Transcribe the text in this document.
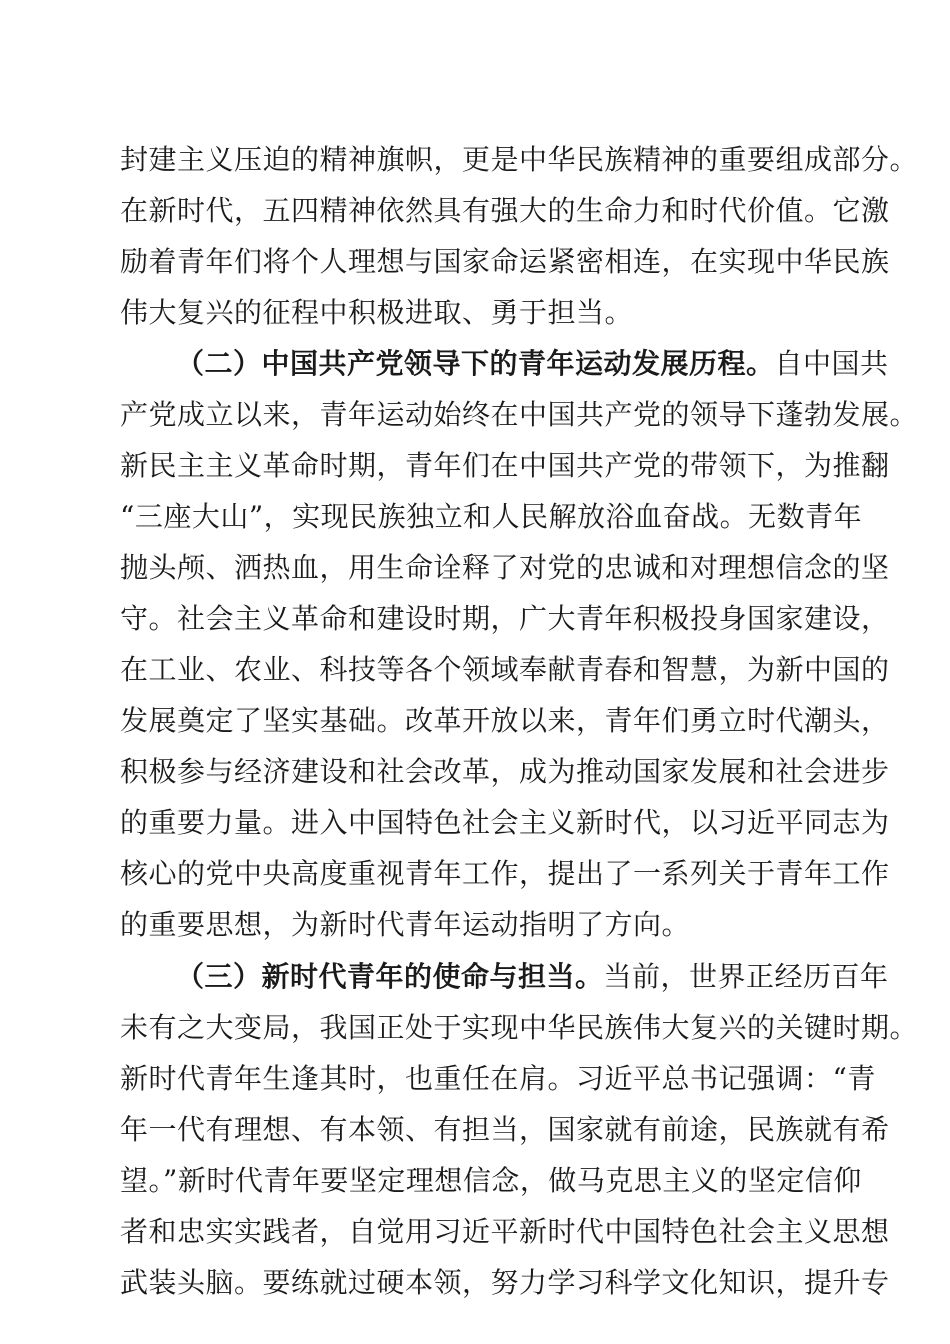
封建主义压迫的精神旗帜，更是中华民族精神的重要组成部分。
在新时代，五四精神依然具有强大的生命力和时代价值。它激
励着青年们将个人理想与国家命运紧密相连，在实现中华民族
伟大复兴的征程中积极进取、勇于担当。
（二）中国共产党领导下的青年运动发展历程。自中国共
产党成立以来，青年运动始终在中国共产党的领导下蓬勃发展。
新民主主义革命时期，青年们在中国共产党的带领下，为推翻
“三座大山”，实现民族独立和人民解放浴血奋战。无数青年
抛头颅、洒热血，用生命诠释了对党的忠诚和对理想信念的坚
守。社会主义革命和建设时期，广大青年积极投身国家建设，
在工业、农业、科技等各个领域奉献青春和智慧，为新中国的
发展奠定了坚实基础。改革开放以来，青年们勇立时代潮头，
积极参与经济建设和社会改革，成为推动国家发展和社会进步
的重要力量。进入中国特色社会主义新时代，以习近平同志为
核心的党中央高度重视青年工作，提出了一系列关于青年工作
的重要思想，为新时代青年运动指明了方向。
（三）新时代青年的使命与担当。当前，世界正经历百年
未有之大变局，我国正处于实现中华民族伟大复兴的关键时期。
新时代青年生逢其时，也重任在肩。习近平总书记强调：“青
年一代有理想、有本领、有担当，国家就有前途，民族就有希
望。”新时代青年要坚定理想信念，做马克思主义的坚定信仰
者和忠实实践者，自觉用习近平新时代中国特色社会主义思想
武装头脑。要练就过硬本领，努力学习科学文化知识，提升专
